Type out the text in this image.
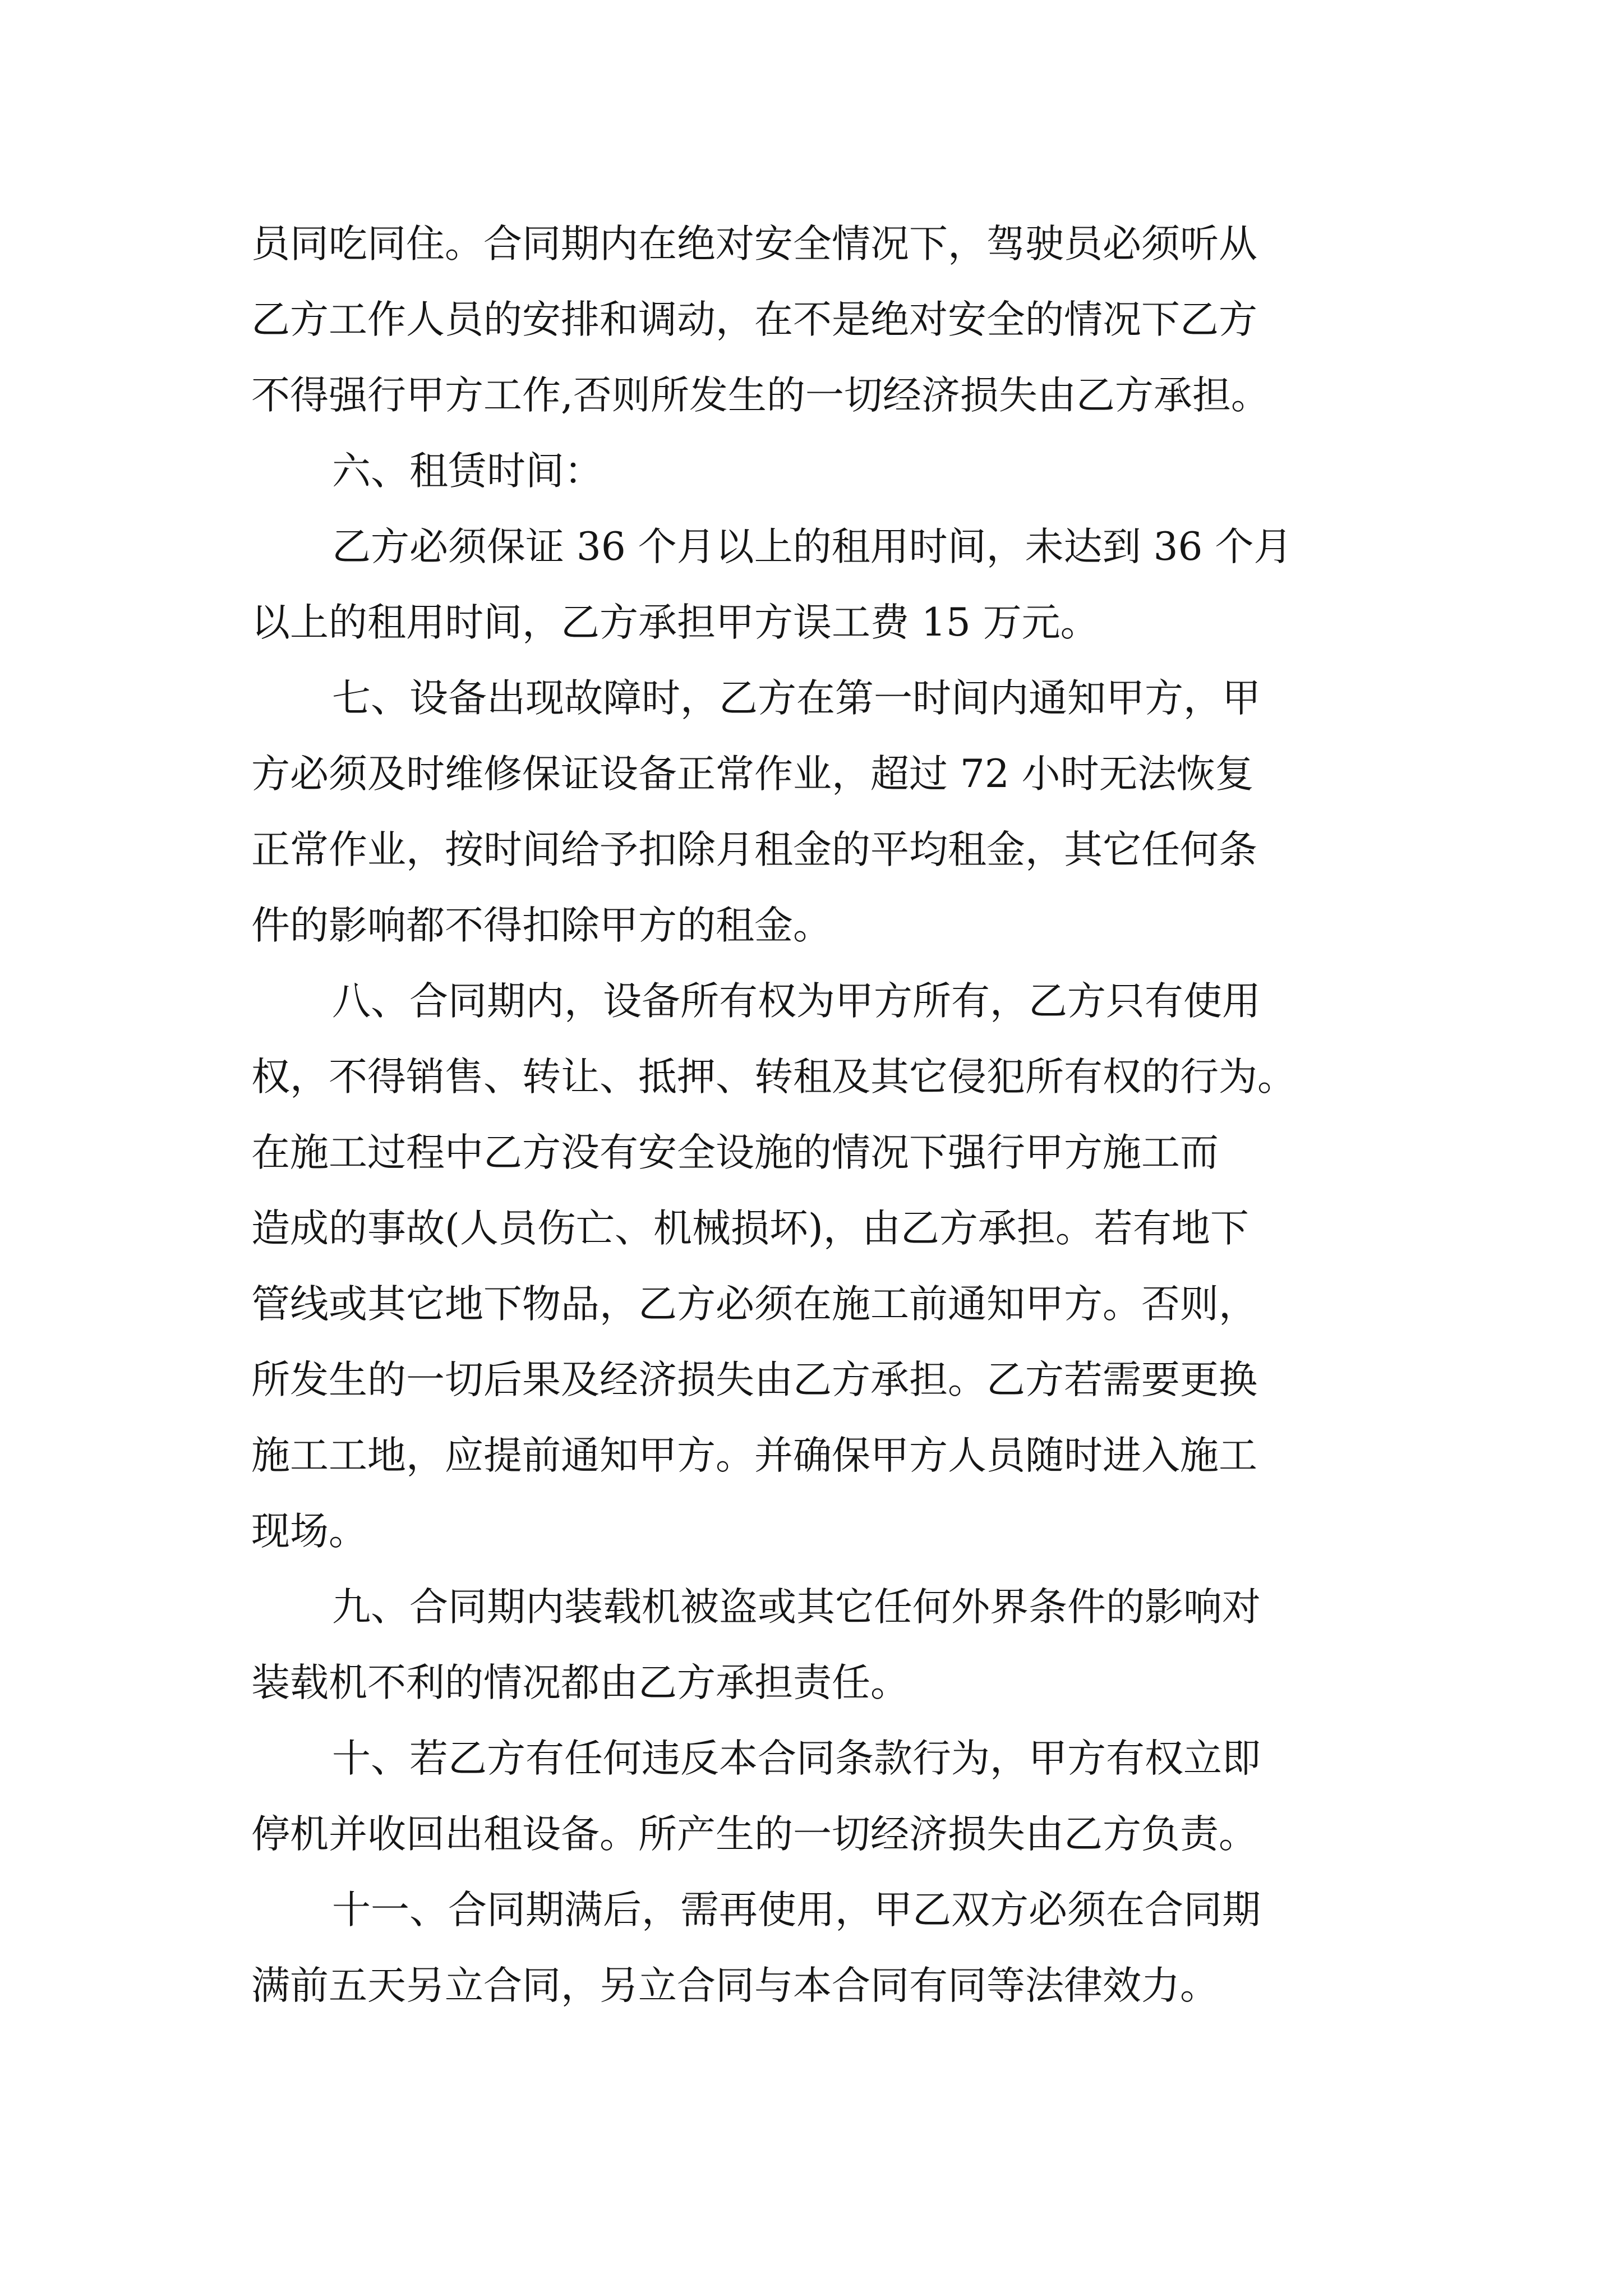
员同吃同住。合同期内在绝对安全情况下，驾驶员必须听从

乙方工作人员的安排和调动，在不是绝对安全的情况下乙方

不得强行甲方工作,否则所发生的一切经济损失由乙方承担。

六、租赁时间：

乙方必须保证 36 个月以上的租用时间，未达到 36 个月

以上的租用时间，乙方承担甲方误工费 15 万元。

七、设备出现故障时，乙方在第一时间内通知甲方，甲

方必须及时维修保证设备正常作业，超过 72 小时无法恢复

正常作业，按时间给予扣除月租金的平均租金，其它任何条

件的影响都不得扣除甲方的租金。

八、合同期内，设备所有权为甲方所有，乙方只有使用

权，不得销售、转让、抵押、转租及其它侵犯所有权的行为。

在施工过程中乙方没有安全设施的情况下强行甲方施工而

造成的事故(人员伤亡、机械损坏)，由乙方承担。若有地下

管线或其它地下物品，乙方必须在施工前通知甲方。否则，

所发生的一切后果及经济损失由乙方承担。乙方若需要更换

施工工地，应提前通知甲方。并确保甲方人员随时进入施工

现场。

九、合同期内装载机被盗或其它任何外界条件的影响对

装载机不利的情况都由乙方承担责任。

十、若乙方有任何违反本合同条款行为，甲方有权立即

停机并收回出租设备。所产生的一切经济损失由乙方负责。

十一、合同期满后，需再使用，甲乙双方必须在合同期

满前五天另立合同，另立合同与本合同有同等法律效力。
